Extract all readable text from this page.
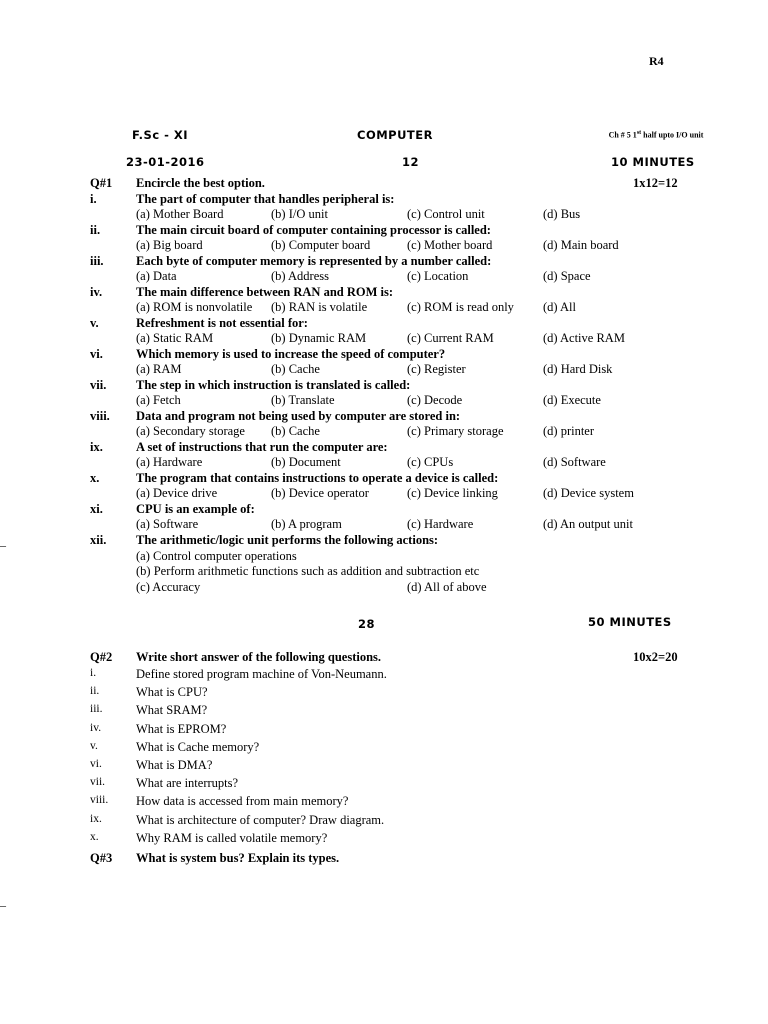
R4
F.Sc - XI	COMPUTER	Ch # 5 1st half upto I/O unit
23-01-2016	12	10 MINUTES
Q#1 Encircle the best option.	1x12=12
i.	The part of computer that handles peripheral is:
(a) Mother Board	(b) I/O unit	(c) Control unit	(d) Bus
ii.	The main circuit board of computer containing processor is called:
(a) Big board	(b) Computer board	(c) Mother board	(d) Main board
iii.	Each byte of computer memory is represented by a number called:
(a) Data	(b) Address	(c) Location	(d) Space
iv.	The main difference between RAN and ROM is:
(a) ROM is nonvolatile (b) RAN is volatile	(c) ROM is read only (d) All
v.	Refreshment is not essential for:
(a) Static RAM	(b) Dynamic RAM	(c) Current RAM	(d) Active RAM
vi.	Which memory is used to increase the speed of computer?
(a) RAM	(b) Cache	(c) Register	(d) Hard Disk
vii. The step in which instruction is translated is called:
(a) Fetch	(b) Translate	(c) Decode	(d) Execute
viii. Data and program not being used by computer are stored in:
(a) Secondary storage (b) Cache	(c) Primary storage	(d) printer
ix.	A set of instructions that run the computer are:
(a) Hardware	(b) Document	(c) CPUs	(d) Software
x.	The program that contains instructions to operate a device is called:
(a) Device drive	(b) Device operator	(c) Device linking	(d) Device system
xi.	CPU is an example of:
(a) Software	(b) A program	(c) Hardware	(d) An output unit
xii. The arithmetic/logic unit performs the following actions:
(a) Control computer operations
(b) Perform arithmetic functions such as addition and subtraction etc
(c) Accuracy	(d) All of above
28	50 MINUTES
Q#2 Write short answer of the following questions.	10x2=20
i.	Define stored program machine of Von-Neumann.
ii.	What is CPU?
iii.	What SRAM?
iv.	What is EPROM?
v.	What is Cache memory?
vi.	What is DMA?
vii. What are interrupts?
viii. How data is accessed from main memory?
ix.	What is architecture of computer? Draw diagram.
x.	Why RAM is called volatile memory?
Q#3 What is system bus? Explain its types.
–
–
